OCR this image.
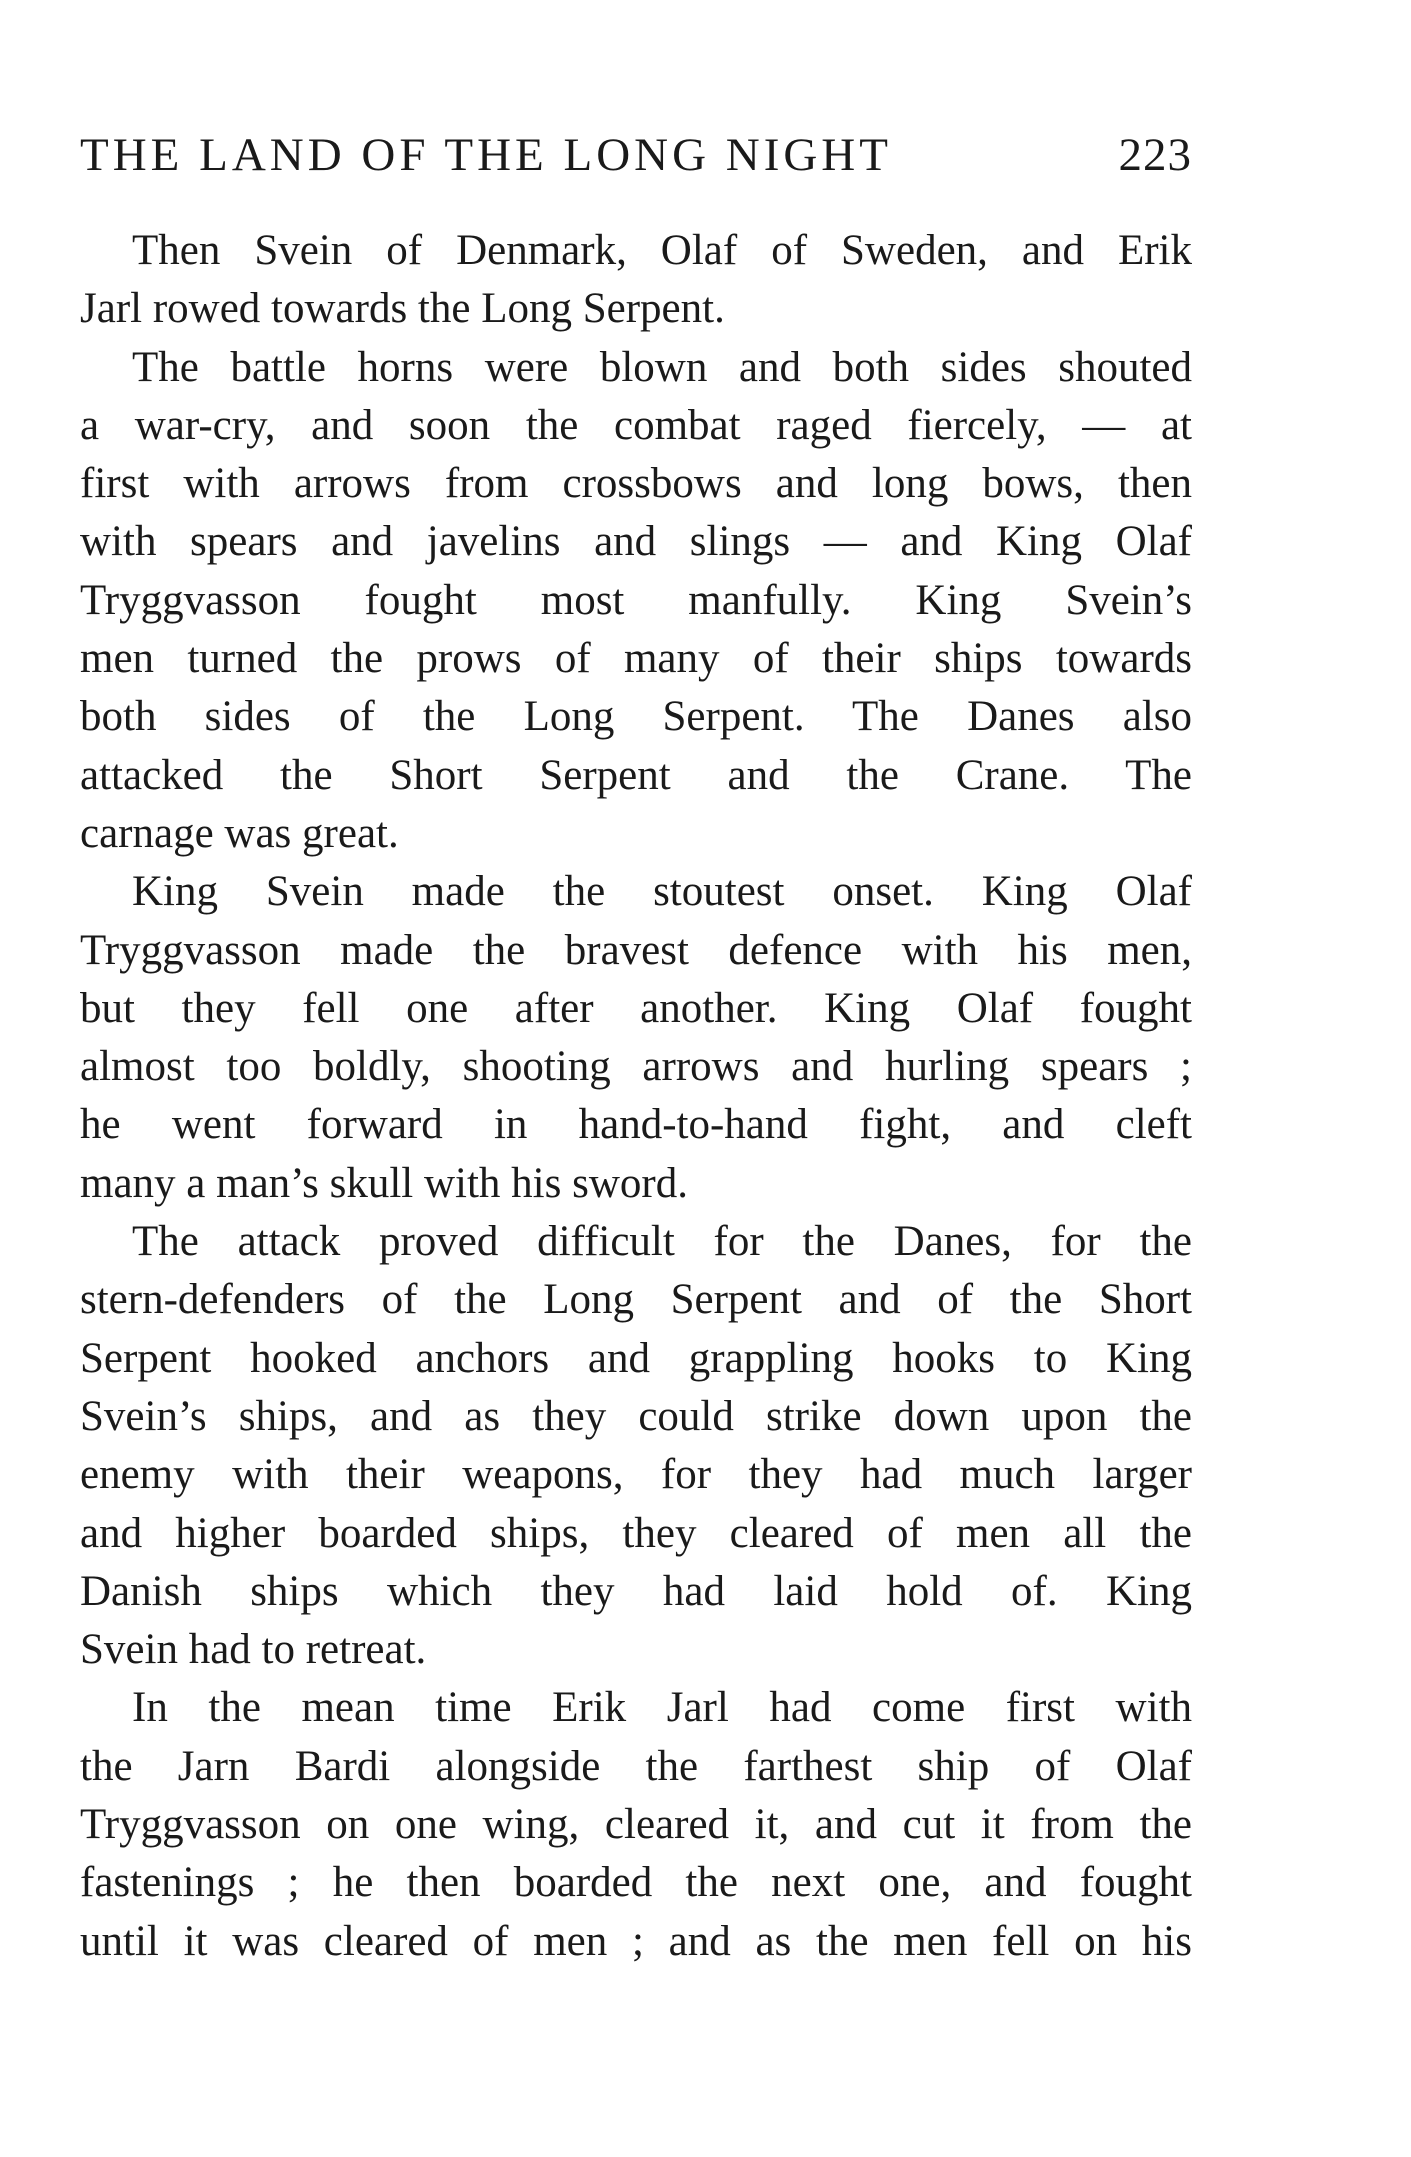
THE LAND OF THE LONG NIGHT	223
Then Svein of Denmark, Olaf of Sweden, and Erik
Jarl rowed towards the Long Serpent.
The battle horns were blown and both sides shouted
a war-cry, and soon the combat raged fiercely, — at
first with arrows from crossbows and long bows, then
with spears and javelins and slings — and King Olaf
Tryggvasson fought most manfully. King Svein’s
men turned the prows of many of their ships towards
both sides of the Long Serpent. The Danes also
attacked the Short Serpent and the Crane. The
carnage was great.
King Svein made the stoutest onset. King Olaf
Tryggvasson made the bravest defence with his men,
but they fell one after another. King Olaf fought
almost too boldly, shooting arrows and hurling spears ;
he went forward in hand-to-hand fight, and cleft
many a man’s skull with his sword.
The attack proved difficult for the Danes, for the
stern-defenders of the Long Serpent and of the Short
Serpent hooked anchors and grappling hooks to King
Svein’s ships, and as they could strike down upon the
enemy with their weapons, for they had much larger
and higher boarded ships, they cleared of men all the
Danish ships which they had laid hold of. King
Svein had to retreat.
In the mean time Erik Jarl had come first with
the Jarn Bardi alongside the farthest ship of Olaf
Tryggvasson on one wing, cleared it, and cut it from the
fastenings ; he then boarded the next one, and fought
until it was cleared of men ; and as the men fell on his
